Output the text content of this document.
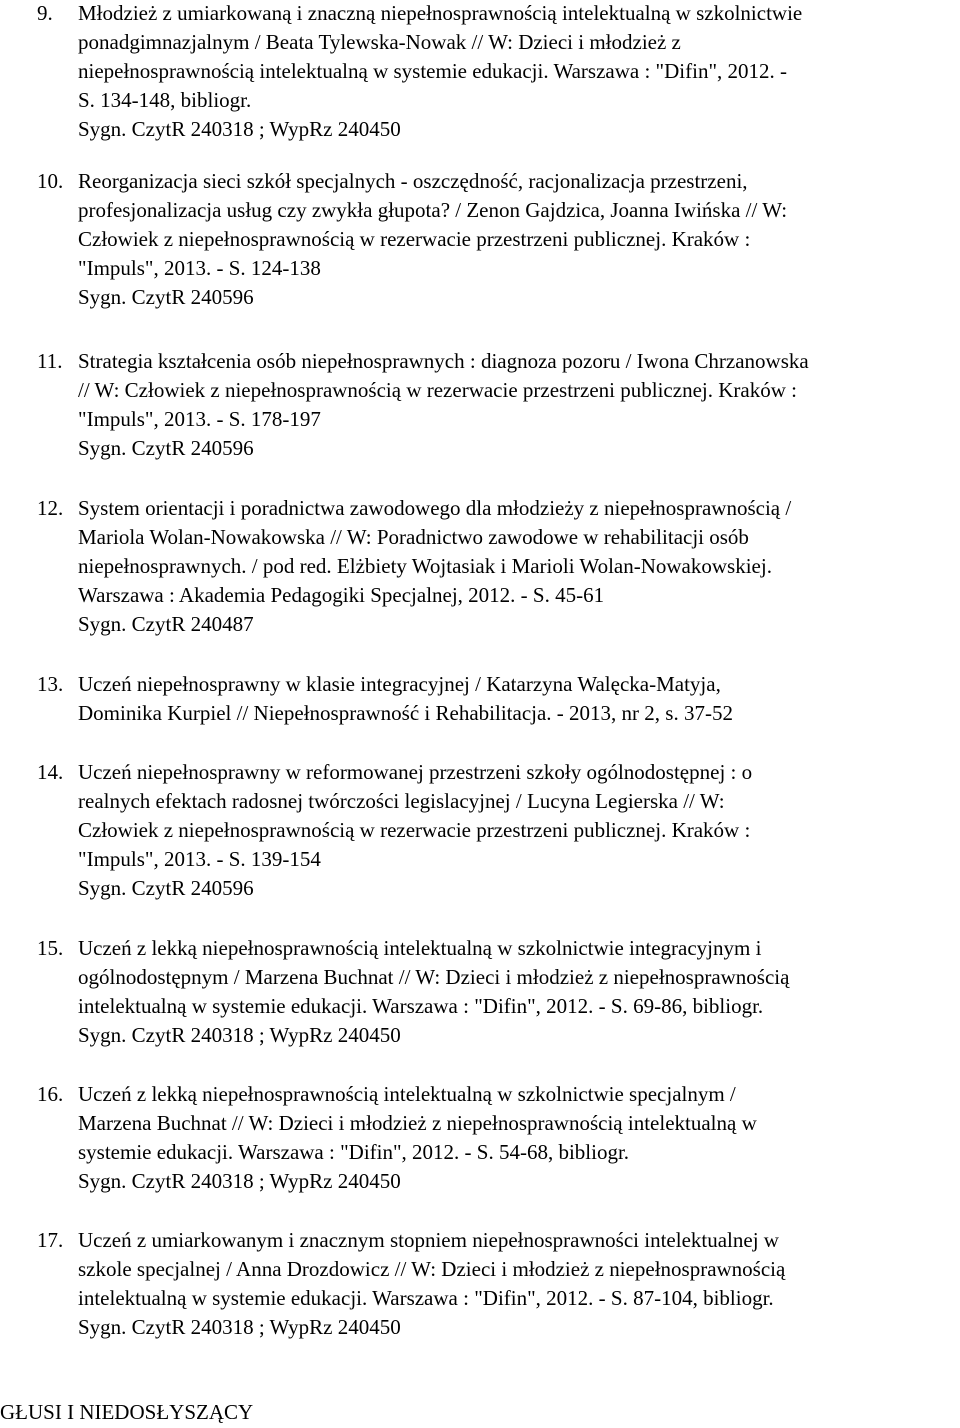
9. Młodzież z umiarkowaną i znaczną niepełnosprawnością intelektualną w szkolnictwie
ponadgimnazjalnym / Beata Tylewska-Nowak // W: Dzieci i młodzież z
niepełnosprawnością intelektualną w systemie edukacji. Warszawa : "Difin", 2012. -
S. 134-148, bibliogr.
Sygn. CzytR 240318 ; WypRz 240450
10. Reorganizacja sieci szkół specjalnych - oszczędność, racjonalizacja przestrzeni,
profesjonalizacja usług czy zwykła głupota? / Zenon Gajdzica, Joanna Iwińska // W:
Człowiek z niepełnosprawnością w rezerwacie przestrzeni publicznej. Kraków :
"Impuls", 2013. - S. 124-138
Sygn. CzytR 240596
11. Strategia kształcenia osób niepełnosprawnych : diagnoza pozoru / Iwona Chrzanowska
// W: Człowiek z niepełnosprawnością w rezerwacie przestrzeni publicznej. Kraków :
"Impuls", 2013. - S. 178-197
Sygn. CzytR 240596
12. System orientacji i poradnictwa zawodowego dla młodzieży z niepełnosprawnością /
Mariola Wolan-Nowakowska // W: Poradnictwo zawodowe w rehabilitacji osób
niepełnosprawnych. / pod red. Elżbiety Wojtasiak i Marioli Wolan-Nowakowskiej.
Warszawa : Akademia Pedagogiki Specjalnej, 2012. - S. 45-61
Sygn. CzytR 240487
13. Uczeń niepełnosprawny w klasie integracyjnej / Katarzyna Walęcka-Matyja,
Dominika Kurpiel // Niepełnosprawność i Rehabilitacja. - 2013, nr 2, s. 37-52
14. Uczeń niepełnosprawny w reformowanej przestrzeni szkoły ogólnodostępnej : o
realnych efektach radosnej twórczości legislacyjnej / Lucyna Legierska // W:
Człowiek z niepełnosprawnością w rezerwacie przestrzeni publicznej. Kraków :
"Impuls", 2013. - S. 139-154
Sygn. CzytR 240596
15. Uczeń z lekką niepełnosprawnością intelektualną w szkolnictwie integracyjnym i
ogólnodostępnym / Marzena Buchnat // W: Dzieci i młodzież z niepełnosprawnością
intelektualną w systemie edukacji. Warszawa : "Difin", 2012. - S. 69-86, bibliogr.
Sygn. CzytR 240318 ; WypRz 240450
16. Uczeń z lekką niepełnosprawnością intelektualną w szkolnictwie specjalnym /
Marzena Buchnat // W: Dzieci i młodzież z niepełnosprawnością intelektualną w
systemie edukacji. Warszawa : "Difin", 2012. - S. 54-68, bibliogr.
Sygn. CzytR 240318 ; WypRz 240450
17. Uczeń z umiarkowanym i znacznym stopniem niepełnosprawności intelektualnej w
szkole specjalnej / Anna Drozdowicz // W: Dzieci i młodzież z niepełnosprawnością
intelektualną w systemie edukacji. Warszawa : "Difin", 2012. - S. 87-104, bibliogr.
Sygn. CzytR 240318 ; WypRz 240450
GŁUSI I NIEDOSŁYSZĄCY
